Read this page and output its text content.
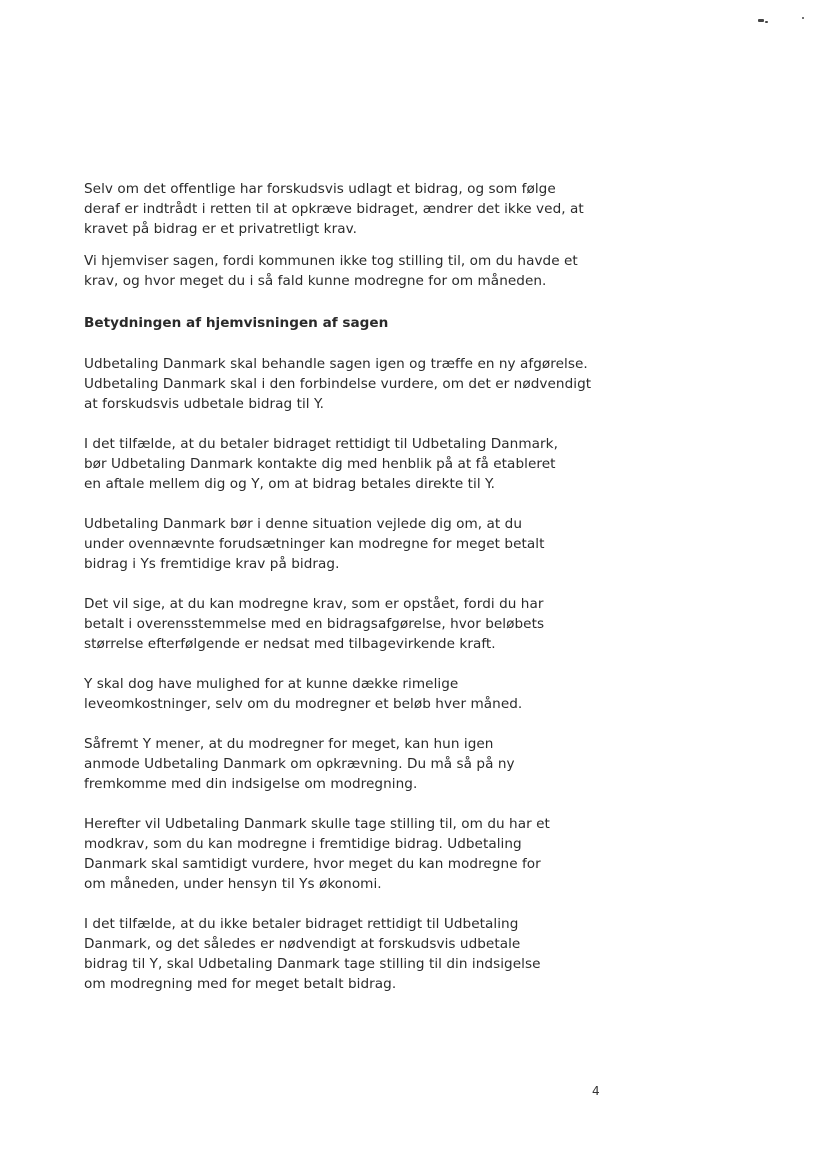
Selv om det offentlige har forskudsvis udlagt et bidrag, og som følge
deraf er indtrådt i retten til at opkræve bidraget, ændrer det ikke ved, at
kravet på bidrag er et privatretligt krav.

Vi hjemviser sagen, fordi kommunen ikke tog stilling til, om du havde et
krav, og hvor meget du i så fald kunne modregne for om måneden.

Betydningen af hjemvisningen af sagen

Udbetaling Danmark skal behandle sagen igen og træffe en ny afgørelse.
Udbetaling Danmark skal i den forbindelse vurdere, om det er nødvendigt
at forskudsvis udbetale bidrag til Y.

I det tilfælde, at du betaler bidraget rettidigt til Udbetaling Danmark,
bør Udbetaling Danmark kontakte dig med henblik på at få etableret
en aftale mellem dig og Y, om at bidrag betales direkte til Y.

Udbetaling Danmark bør i denne situation vejlede dig om, at du
under ovennævnte forudsætninger kan modregne for meget betalt
bidrag i Ys fremtidige krav på bidrag.

Det vil sige, at du kan modregne krav, som er opstået, fordi du har
betalt i overensstemmelse med en bidragsafgørelse, hvor beløbets
størrelse efterfølgende er nedsat med tilbagevirkende kraft.

Y skal dog have mulighed for at kunne dække rimelige
leveomkostninger, selv om du modregner et beløb hver måned.

Såfremt Y mener, at du modregner for meget, kan hun igen
anmode Udbetaling Danmark om opkrævning. Du må så på ny
fremkomme med din indsigelse om modregning.

Herefter vil Udbetaling Danmark skulle tage stilling til, om du har et
modkrav, som du kan modregne i fremtidige bidrag. Udbetaling
Danmark skal samtidigt vurdere, hvor meget du kan modregne for
om måneden, under hensyn til Ys økonomi.

I det tilfælde, at du ikke betaler bidraget rettidigt til Udbetaling
Danmark, og det således er nødvendigt at forskudsvis udbetale
bidrag til Y, skal Udbetaling Danmark tage stilling til din indsigelse
om modregning med for meget betalt bidrag.

4
